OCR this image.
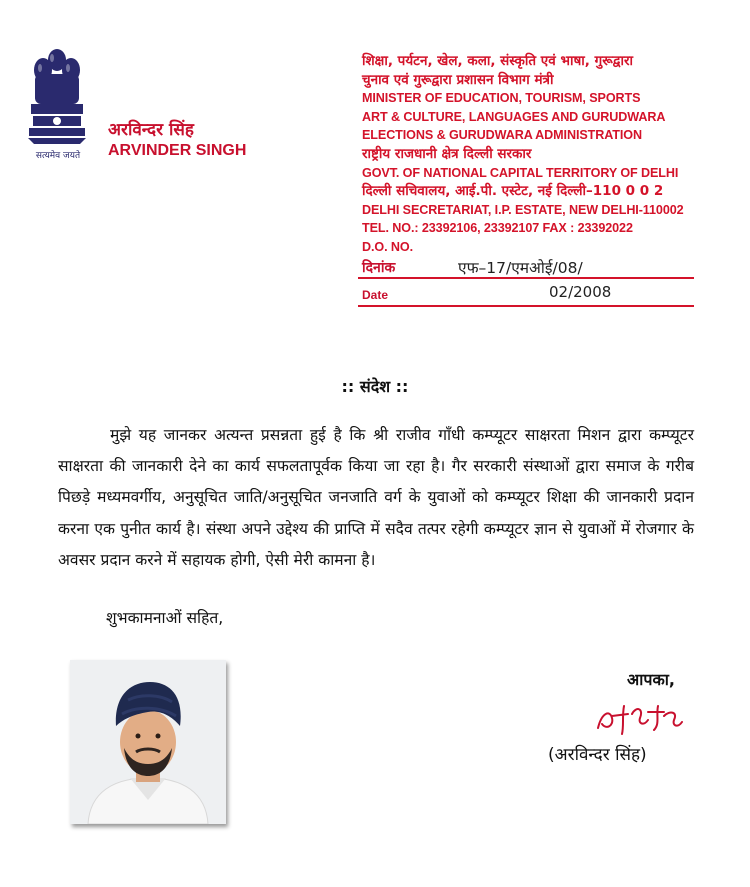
सत्यमेव जयते
अरविन्दर सिंह
ARVINDER SINGH
शिक्षा, पर्यटन, खेल, कला, संस्कृति एवं भाषा, गुरूद्वारा
चुनाव एवं गुरूद्वारा प्रशासन विभाग मंत्री
MINISTER OF EDUCATION, TOURISM, SPORTS
ART & CULTURE, LANGUAGES AND GURUDWARA
ELECTIONS & GURUDWARA ADMINISTRATION
राष्ट्रीय राजधानी क्षेत्र दिल्ली सरकार
GOVT. OF NATIONAL CAPITAL TERRITORY OF DELHI
दिल्ली सचिवालय, आई.पी. एस्टेट, नई दिल्ली–110 0 0 2
DELHI SECRETARIAT, I.P. ESTATE, NEW DELHI-110002
TEL. NO.: 23392106, 23392107 FAX : 23392022
D.O. NO.
दिनांक	एफ–17/एमओई/08/
Date	02/2008
:: संदेश ::

मुझे यह जानकर अत्यन्त प्रसन्नता हुई है कि श्री राजीव गाँधी कम्प्यूटर साक्षरता मिशन द्वारा कम्प्यूटर साक्षरता की जानकारी देने का कार्य सफलतापूर्वक किया जा रहा है। गैर सरकारी संस्थाओं द्वारा समाज के गरीब पिछड़े मध्यमवर्गीय, अनुसूचित जाति/अनुसूचित जनजाति वर्ग के युवाओं को कम्प्यूटर शिक्षा की जानकारी प्रदान करना एक पुनीत कार्य है। संस्था अपने उद्देश्य की प्राप्ति में सदैव तत्पर रहेगी कम्प्यूटर ज्ञान से युवाओं में रोजगार के अवसर प्रदान करने में सहायक होगी, ऐसी मेरी कामना है।

शुभकामनाओं सहित,
आपका,
(अरविन्दर सिंह)
